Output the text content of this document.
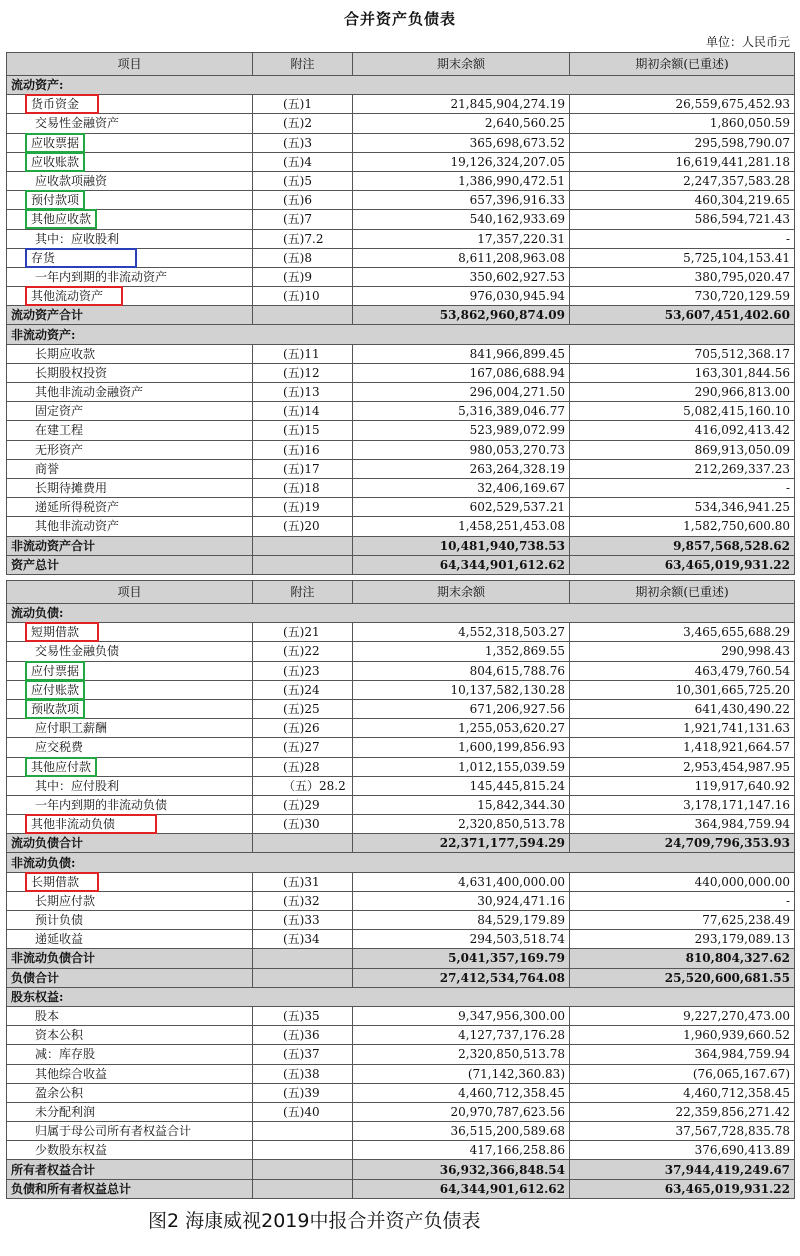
合并资产负债表
单位：人民币元
项目	附注	期末余额	期初余额(已重述)
流动资产:			
货币资金	(五)1	21,845,904,274.19	26,559,675,452.93
交易性金融资产	(五)2	2,640,560.25	1,860,050.59
应收票据	(五)3	365,698,673.52	295,598,790.07
应收账款	(五)4	19,126,324,207.05	16,619,441,281.18
应收款项融资	(五)5	1,386,990,472.51	2,247,357,583.28
预付款项	(五)6	657,396,916.33	460,304,219.65
其他应收款	(五)7	540,162,933.69	586,594,721.43
其中：应收股利	(五)7.2	17,357,220.31	-
存货	(五)8	8,611,208,963.08	5,725,104,153.41
一年内到期的非流动资产	(五)9	350,602,927.53	380,795,020.47
其他流动资产	(五)10	976,030,945.94	730,720,129.59
流动资产合计		53,862,960,874.09	53,607,451,402.60
非流动资产:			
长期应收款	(五)11	841,966,899.45	705,512,368.17
长期股权投资	(五)12	167,086,688.94	163,301,844.56
其他非流动金融资产	(五)13	296,004,271.50	290,966,813.00
固定资产	(五)14	5,316,389,046.77	5,082,415,160.10
在建工程	(五)15	523,989,072.99	416,092,413.42
无形资产	(五)16	980,053,270.73	869,913,050.09
商誉	(五)17	263,264,328.19	212,269,337.23
长期待摊费用	(五)18	32,406,169.67	-
递延所得税资产	(五)19	602,529,537.21	534,346,941.25
其他非流动资产	(五)20	1,458,251,453.08	1,582,750,600.80
非流动资产合计		10,481,940,738.53	9,857,568,528.62
资产总计		64,344,901,612.62	63,465,019,931.22
项目	附注	期末余额	期初余额(已重述)
流动负债:			
短期借款	(五)21	4,552,318,503.27	3,465,655,688.29
交易性金融负债	(五)22	1,352,869.55	290,998.43
应付票据	(五)23	804,615,788.76	463,479,760.54
应付账款	(五)24	10,137,582,130.28	10,301,665,725.20
预收款项	(五)25	671,206,927.56	641,430,490.22
应付职工薪酬	(五)26	1,255,053,620.27	1,921,741,131.63
应交税费	(五)27	1,600,199,856.93	1,418,921,664.57
其他应付款	(五)28	1,012,155,039.59	2,953,454,987.95
其中：应付股利	（五）28.2	145,445,815.24	119,917,640.92
一年内到期的非流动负债	(五)29	15,842,344.30	3,178,171,147.16
其他非流动负债	(五)30	2,320,850,513.78	364,984,759.94
流动负债合计		22,371,177,594.29	24,709,796,353.93
非流动负债:			
长期借款	(五)31	4,631,400,000.00	440,000,000.00
长期应付款	(五)32	30,924,471.16	-
预计负债	(五)33	84,529,179.89	77,625,238.49
递延收益	(五)34	294,503,518.74	293,179,089.13
非流动负债合计		5,041,357,169.79	810,804,327.62
负债合计		27,412,534,764.08	25,520,600,681.55
股东权益:			
股本	(五)35	9,347,956,300.00	9,227,270,473.00
资本公积	(五)36	4,127,737,176.28	1,960,939,660.52
减：库存股	(五)37	2,320,850,513.78	364,984,759.94
其他综合收益	(五)38	(71,142,360.83)	(76,065,167.67)
盈余公积	(五)39	4,460,712,358.45	4,460,712,358.45
未分配利润	(五)40	20,970,787,623.56	22,359,856,271.42
归属于母公司所有者权益合计		36,515,200,589.68	37,567,728,835.78
少数股东权益		417,166,258.86	376,690,413.89
所有者权益合计		36,932,366,848.54	37,944,419,249.67
负债和所有者权益总计		64,344,901,612.62	63,465,019,931.22
图2 海康威视2019中报合并资产负债表
